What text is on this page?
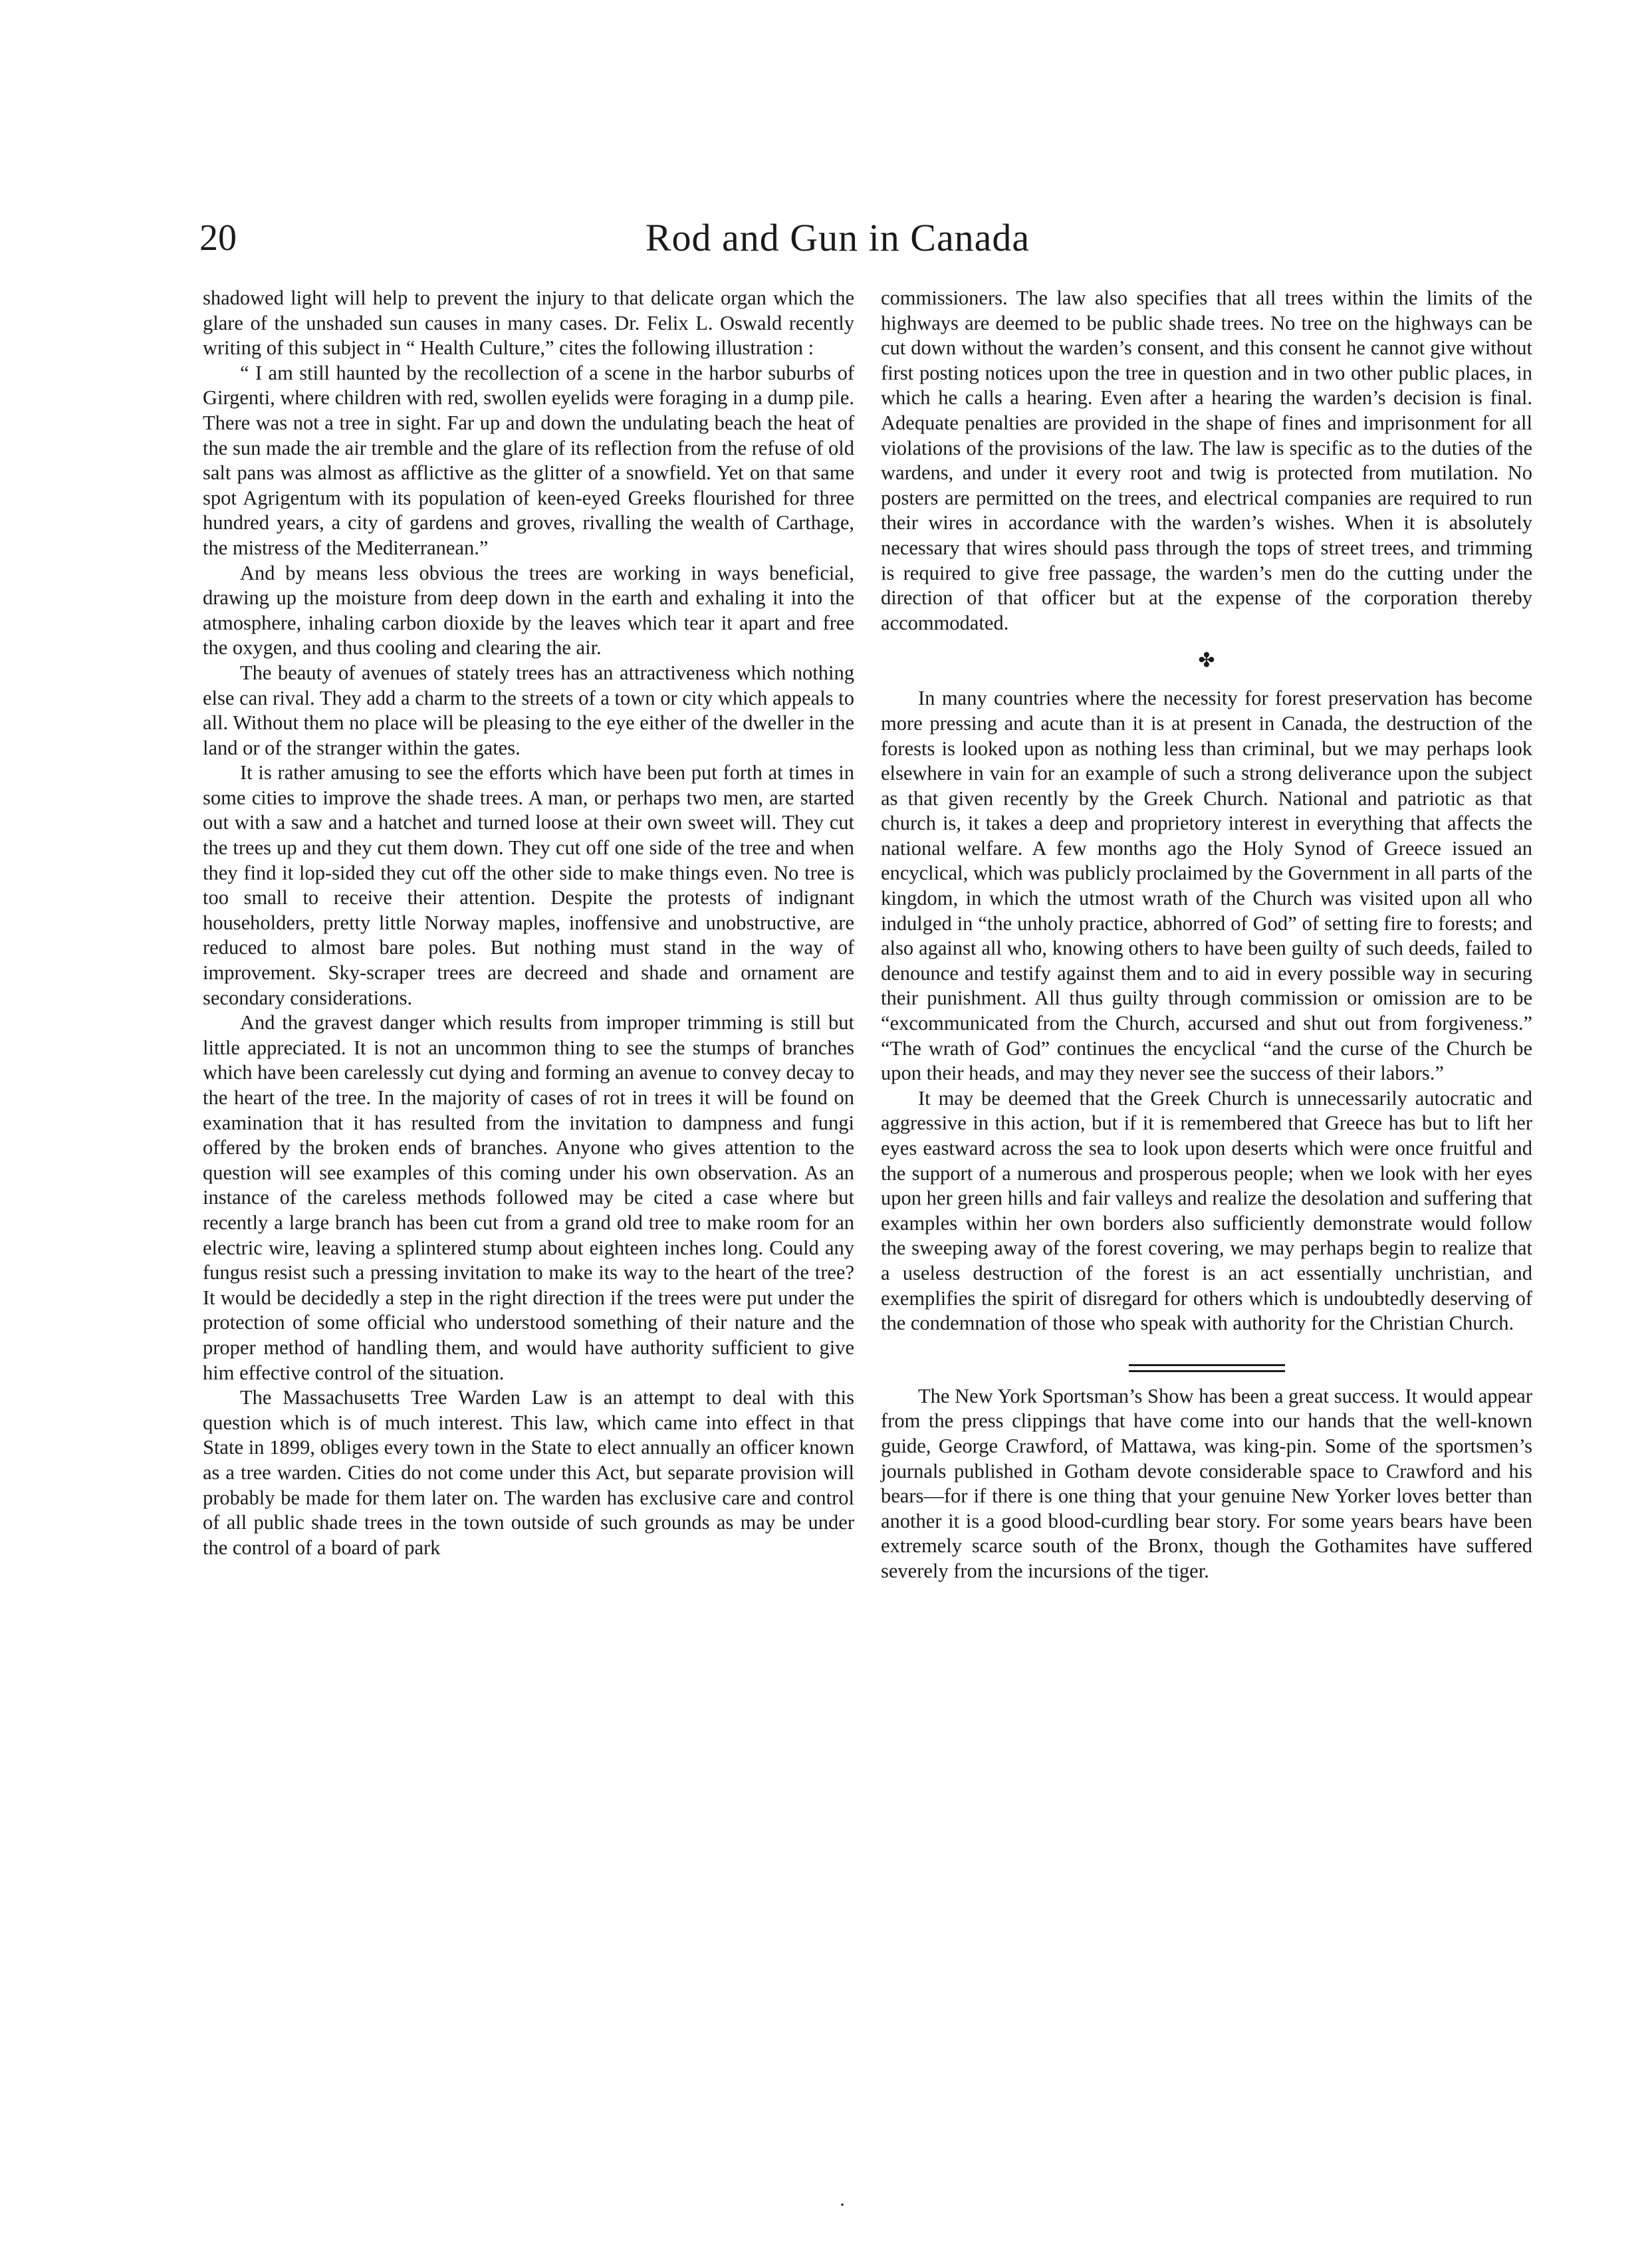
20	Rod and Gun in Canada

shadowed light will help to prevent the injury to that delicate organ which the glare of the unshaded sun causes in many cases. Dr. Felix L. Oswald recently writing of this subject in “ Health Culture,” cites the following illustration :

“ I am still haunted by the recollection of a scene in the harbor suburbs of Girgenti, where children with red, swollen eyelids were foraging in a dump pile. There was not a tree in sight. Far up and down the undulating beach the heat of the sun made the air tremble and the glare of its reflection from the refuse of old salt pans was almost as afflictive as the glitter of a snowfield. Yet on that same spot Agrigentum with its population of keen-eyed Greeks flourished for three hundred years, a city of gardens and groves, rivalling the wealth of Carthage, the mistress of the Mediterranean.”

And by means less obvious the trees are working in ways beneficial, drawing up the moisture from deep down in the earth and exhaling it into the atmosphere, inhaling carbon dioxide by the leaves which tear it apart and free the oxygen, and thus cooling and clearing the air.

The beauty of avenues of stately trees has an attractiveness which nothing else can rival. They add a charm to the streets of a town or city which appeals to all. Without them no place will be pleasing to the eye either of the dweller in the land or of the stranger within the gates.

It is rather amusing to see the efforts which have been put forth at times in some cities to improve the shade trees. A man, or perhaps two men, are started out with a saw and a hatchet and turned loose at their own sweet will. They cut the trees up and they cut them down. They cut off one side of the tree and when they find it lop-sided they cut off the other side to make things even. No tree is too small to receive their attention. Despite the protests of indignant householders, pretty little Norway maples, inoffensive and unobstructive, are reduced to almost bare poles. But nothing must stand in the way of improvement. Sky-scraper trees are decreed and shade and ornament are secondary considerations.

And the gravest danger which results from improper trimming is still but little appreciated. It is not an uncommon thing to see the stumps of branches which have been carelessly cut dying and forming an avenue to convey decay to the heart of the tree. In the majority of cases of rot in trees it will be found on examination that it has resulted from the invitation to dampness and fungi offered by the broken ends of branches. Anyone who gives attention to the question will see examples of this coming under his own observation. As an instance of the careless methods followed may be cited a case where but recently a large branch has been cut from a grand old tree to make room for an electric wire, leaving a splintered stump about eighteen inches long. Could any fungus resist such a pressing invitation to make its way to the heart of the tree? It would be decidedly a step in the right direction if the trees were put under the protection of some official who understood something of their nature and the proper method of handling them, and would have authority sufficient to give him effective control of the situation.

The Massachusetts Tree Warden Law is an attempt to deal with this question which is of much interest. This law, which came into effect in that State in 1899, obliges every town in the State to elect annually an officer known as a tree warden. Cities do not come under this Act, but separate provision will probably be made for them later on. The warden has exclusive care and control of all public shade trees in the town outside of such grounds as may be under the control of a board of park

commissioners. The law also specifies that all trees within the limits of the highways are deemed to be public shade trees. No tree on the highways can be cut down without the warden’s consent, and this consent he cannot give without first posting notices upon the tree in question and in two other public places, in which he calls a hearing. Even after a hearing the warden’s decision is final. Adequate penalties are provided in the shape of fines and imprisonment for all violations of the provisions of the law. The law is specific as to the duties of the wardens, and under it every root and twig is protected from mutilation. No posters are permitted on the trees, and electrical companies are required to run their wires in accordance with the warden’s wishes. When it is absolutely necessary that wires should pass through the tops of street trees, and trimming is required to give free passage, the warden’s men do the cutting under the direction of that officer but at the expense of the corporation thereby accommodated.

✤

In many countries where the necessity for forest preservation has become more pressing and acute than it is at present in Canada, the destruction of the forests is looked upon as nothing less than criminal, but we may perhaps look elsewhere in vain for an example of such a strong deliverance upon the subject as that given recently by the Greek Church. National and patriotic as that church is, it takes a deep and proprietory interest in everything that affects the national welfare. A few months ago the Holy Synod of Greece issued an encyclical, which was publicly proclaimed by the Government in all parts of the kingdom, in which the utmost wrath of the Church was visited upon all who indulged in “the unholy practice, abhorred of God” of setting fire to forests; and also against all who, knowing others to have been guilty of such deeds, failed to denounce and testify against them and to aid in every possible way in securing their punishment. All thus guilty through commission or omission are to be “excommunicated from the Church, accursed and shut out from forgiveness.” “The wrath of God” continues the encyclical “and the curse of the Church be upon their heads, and may they never see the success of their labors.”

It may be deemed that the Greek Church is unnecessarily autocratic and aggressive in this action, but if it is remembered that Greece has but to lift her eyes eastward across the sea to look upon deserts which were once fruitful and the support of a numerous and prosperous people; when we look with her eyes upon her green hills and fair valleys and realize the desolation and suffering that examples within her own borders also sufficiently demonstrate would follow the sweeping away of the forest covering, we may perhaps begin to realize that a useless destruction of the forest is an act essentially unchristian, and exemplifies the spirit of disregard for others which is undoubtedly deserving of the condemnation of those who speak with authority for the Christian Church.

The New York Sportsman’s Show has been a great success. It would appear from the press clippings that have come into our hands that the well-known guide, George Crawford, of Mattawa, was king-pin. Some of the sportsmen’s journals published in Gotham devote considerable space to Crawford and his bears—for if there is one thing that your genuine New Yorker loves better than another it is a good blood-curdling bear story. For some years bears have been extremely scarce south of the Bronx, though the Gothamites have suffered severely from the incursions of the tiger.

·
